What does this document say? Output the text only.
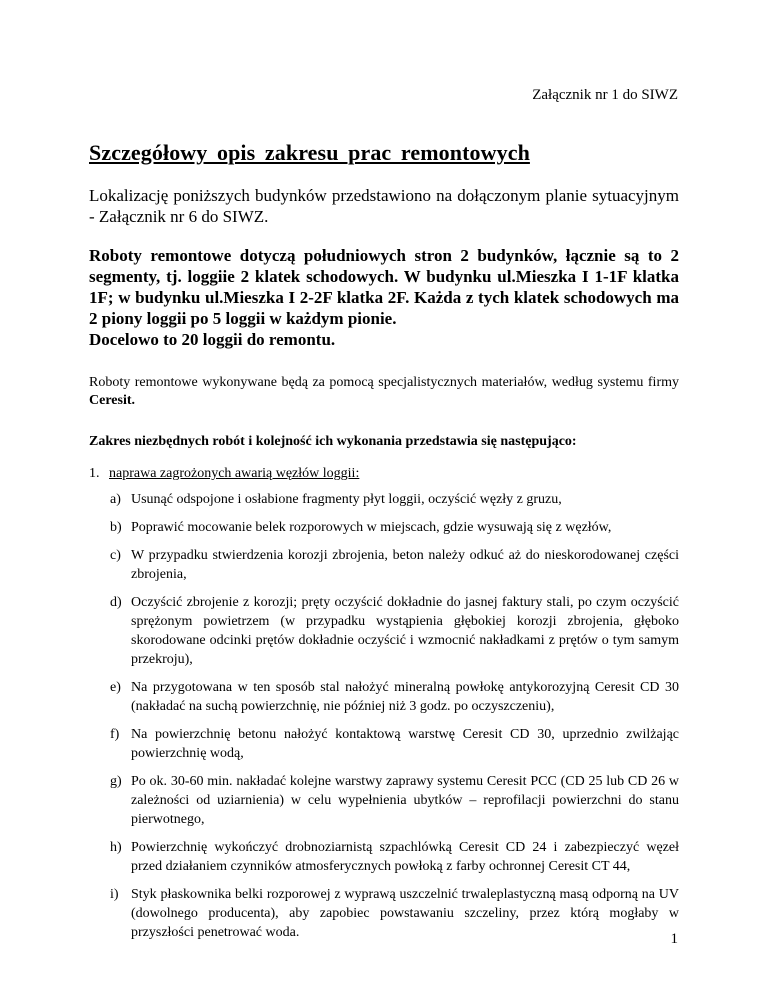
Załącznik nr 1 do SIWZ
Szczegółowy opis zakresu prac remontowych

Lokalizację poniższych budynków przedstawiono na dołączonym planie sytuacyjnym - Załącznik nr 6 do SIWZ.

Roboty remontowe dotyczą południowych stron 2 budynków, łącznie są to 2 segmenty, tj. loggiie 2 klatek schodowych. W budynku ul.Mieszka I 1-1F klatka 1F; w budynku ul.Mieszka I 2-2F klatka 2F. Każda z tych klatek schodowych ma 2 piony loggii po 5 loggii w każdym pionie.
Docelowo to 20 loggii do remontu.

Roboty remontowe wykonywane będą za pomocą specjalistycznych materiałów, według systemu firmy Ceresit.

Zakres niezbędnych robót i kolejność ich wykonania przedstawia się następująco:

1. naprawa zagrożonych awarią węzłów loggii:
a) Usunąć odspojone i osłabione fragmenty płyt loggii, oczyścić węzły z gruzu,
b) Poprawić mocowanie belek rozporowych w miejscach, gdzie wysuwają się z węzłów,
c) W przypadku stwierdzenia korozji zbrojenia, beton należy odkuć aż do nieskorodowanej części zbrojenia,
d) Oczyścić zbrojenie z korozji; pręty oczyścić dokładnie do jasnej faktury stali, po czym oczyścić sprężonym powietrzem (w przypadku wystąpienia głębokiej korozji zbrojenia, głęboko skorodowane odcinki prętów dokładnie oczyścić i wzmocnić nakładkami z prętów o tym samym przekroju),
e) Na przygotowana w ten sposób stal nałożyć mineralną powłokę antykorozyjną Ceresit CD 30 (nakładać na suchą powierzchnię, nie później niż 3 godz. po oczyszczeniu),
f) Na powierzchnię betonu nałożyć kontaktową warstwę Ceresit CD 30, uprzednio zwilżając powierzchnię wodą,
g) Po ok. 30-60 min. nakładać kolejne warstwy zaprawy systemu Ceresit PCC (CD 25 lub CD 26 w zależności od uziarnienia) w celu wypełnienia ubytków – reprofilacji powierzchni do stanu pierwotnego,
h) Powierzchnię wykończyć drobnoziarnistą szpachlówką Ceresit CD 24 i zabezpieczyć węzeł przed działaniem czynników atmosferycznych powłoką z farby ochronnej Ceresit CT 44,
i) Styk płaskownika belki rozporowej z wyprawą uszczelnić trwaleplastyczną masą odporną na UV (dowolnego producenta), aby zapobiec powstawaniu szczeliny, przez którą mogłaby w przyszłości penetrować woda.	1
